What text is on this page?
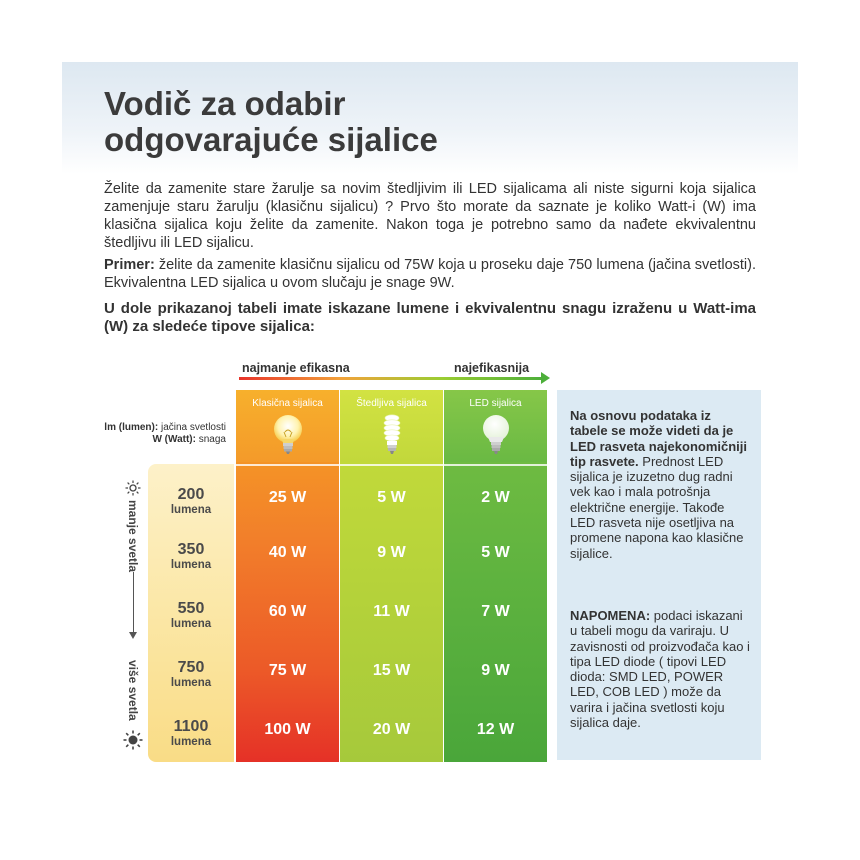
Vodič za odabir
odgovarajuće sijalice

Želite da zamenite stare žarulje sa novim štedljivim ili LED sijalicama ali niste sigurni koja sijalica zamenjuje staru žarulju (klasičnu sijalicu) ? Prvo što morate da saznate je koliko Watt-i (W) ima klasična sijalica koju želite da zamenite. Nakon toga je potrebno samo da nađete ekvivalentnu štedljivu ili LED sijalicu.

Primer: želite da zamenite klasičnu sijalicu od 75W koja u proseku daje 750 lumena (jačina svetlosti). Ekvivalentna LED sijalica u ovom slučaju je snage 9W.

U dole prikazanoj tabeli imate iskazane lumene i ekvivalentnu snagu izraženu u Watt-ima (W) za sledeće tipove sijalica:

najmanje efikasna	najefikasnija
lm (lumen): jačina svetlosti
W (Watt): snaga
200
lumena
350
lumena
550
lumena
750
lumena
1100
lumena
manje svetla
više svetla
Klasična sijalica
25 W
40 W
60 W
75 W
100 W
Štedljiva sijalica
5 W
9 W
11 W
15 W
20 W
LED sijalica
2 W
5 W
7 W
9 W
12 W

Na osnovu podataka iz tabele se može videti da je LED rasveta najekonomičniji tip rasvete. Prednost LED sijalica je izuzetno dug radni vek kao i mala potrošnja električne energije. Takođe LED rasveta nije osetljiva na promene napona kao klasične sijalice.

NAPOMENA: podaci iskazani u tabeli mogu da variraju. U zavisnosti od proizvođača kao i tipa LED diode ( tipovi LED dioda: SMD LED, POWER LED, COB LED ) može da varira i jačina svetlosti koju sijalica daje.
